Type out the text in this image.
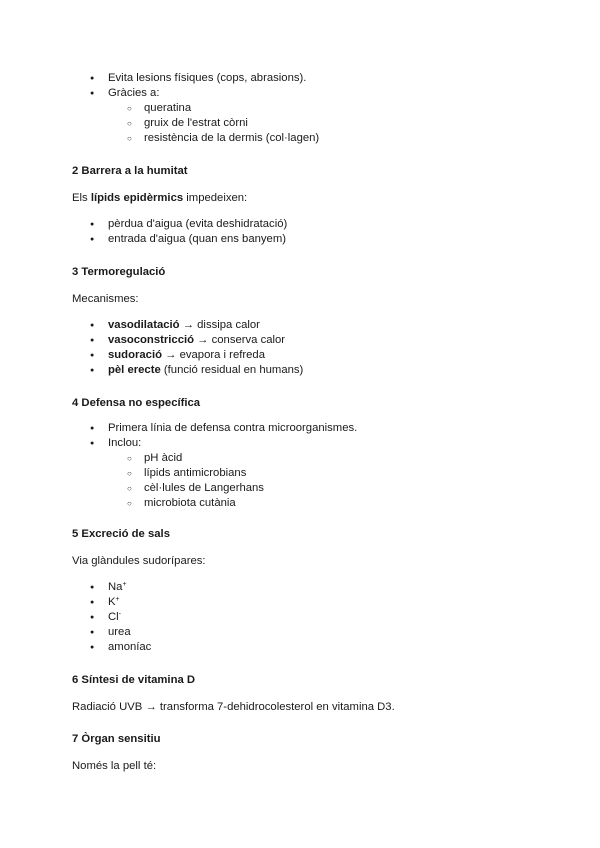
● Evita lesions físiques (cops, abrasions).
● Gràcies a:
○ queratina
○ gruix de l'estrat còrni
○ resistència de la dermis (col·lagen)
2 Barrera a la humitat
Els lípids epidèrmics impedeixen:
● pèrdua d'aigua (evita deshidratació)
● entrada d'aigua (quan ens banyem)
3 Termoregulació
Mecanismes:
● vasodilatació → dissipa calor
● vasoconstricció → conserva calor
● sudoració → evapora i refreda
● pèl erecte (funció residual en humans)
4 Defensa no específica
● Primera línia de defensa contra microorganismes.
● Inclou:
○ pH àcid
○ lípids antimicrobians
○ cèl·lules de Langerhans
○ microbiota cutània
5 Excreció de sals
Via glàndules sudorípares:
● Na+
● K+
● Cl-
● urea
● amoníac
6 Síntesi de vitamina D
Radiació UVB → transforma 7-dehidrocolesterol en vitamina D3.
7 Òrgan sensitiu
Només la pell té:
